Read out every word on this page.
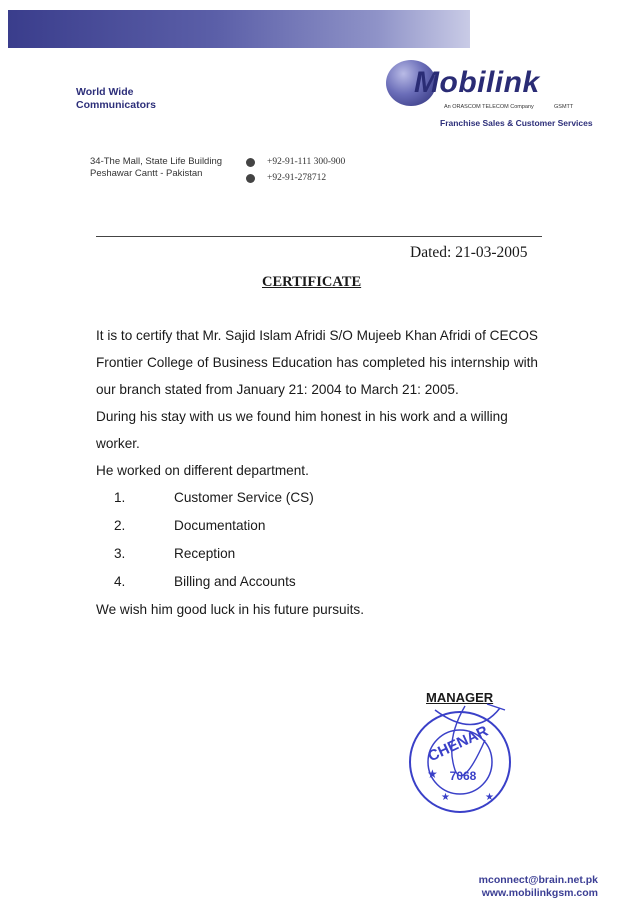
World Wide
Communicators
Mobilink
An ORASCOM TELECOM Company	GSMTT
Franchise Sales & Customer Services
34-The Mall, State Life Building
Peshawar Cantt - Pakistan
+92-91-111 300-900
+92-91-278712
Dated: 21-03-2005
CERTIFICATE

It is to certify that Mr. Sajid Islam Afridi S/O Mujeeb Khan Afridi of CECOS Frontier College of Business Education has completed his internship with our branch stated from January 21: 2004 to March 21: 2005.

During his stay with us we found him honest in his work and a willing worker.

He worked on different department.

1.	Customer Service (CS)
2.	Documentation
3.	Reception
4.	Billing and Accounts

We wish him good luck in his future pursuits.

MANAGER
CHENAR
7068
★
★
★
mconnect@brain.net.pk
www.mobilinkgsm.com
